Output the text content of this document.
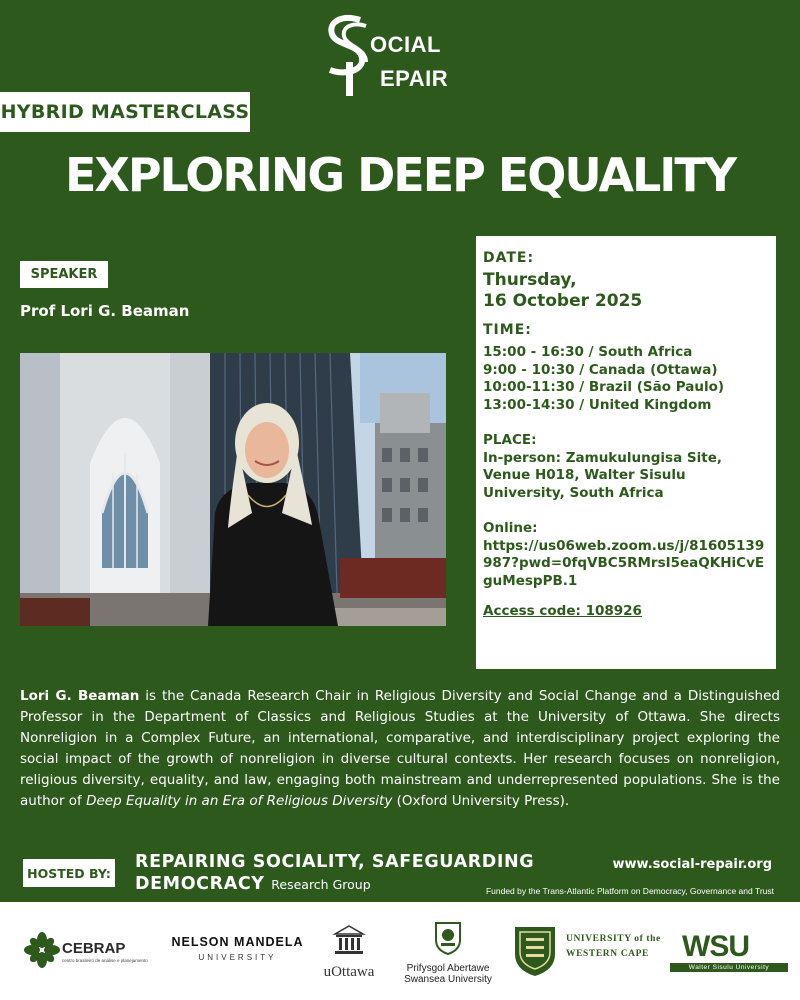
OCIAL
EPAIR
HYBRID MASTERCLASS
EXPLORING DEEP EQUALITY
SPEAKER
Prof Lori G. Beaman
DATE:
Thursday,
16 October 2025
TIME:
15:00 - 16:30 / South Africa
9:00 - 10:30 / Canada (Ottawa)
10:00-11:30 / Brazil (São Paulo)
13:00-14:30 / United Kingdom
PLACE:
In-person: Zamukulungisa Site, Venue H018, Walter Sisulu University, South Africa
Online:
https://us06web.zoom.us/j/81605139987?pwd=0fqVBC5RMrsI5eaQKHiCvEguMespPB.1
Access code: 108926
Lori G. Beaman is the Canada Research Chair in Religious Diversity and Social Change and a Distinguished Professor in the Department of Classics and Religious Studies at the University of Ottawa. She directs Nonreligion in a Complex Future, an international, comparative, and interdisciplinary project exploring the social impact of the growth of nonreligion in diverse cultural contexts. Her research focuses on nonreligion, religious diversity, equality, and law, engaging both mainstream and underrepresented populations. She is the author of Deep Equality in an Era of Religious Diversity (Oxford University Press).
HOSTED BY:
REPAIRING SOCIALITY, SAFEGUARDING
DEMOCRACY Research Group
www.social-repair.org
Funded by the Trans-Atlantic Platform on Democracy, Governance and Trust
CEBRAP
centro brasileiro de análise e planejamento
NELSON MANDELA
UNIVERSITY
uOttawa	Prifysgol Abertawe
Swansea University
UNIVERSITY of the
WESTERN CAPE	WSU
Walter Sisulu University
